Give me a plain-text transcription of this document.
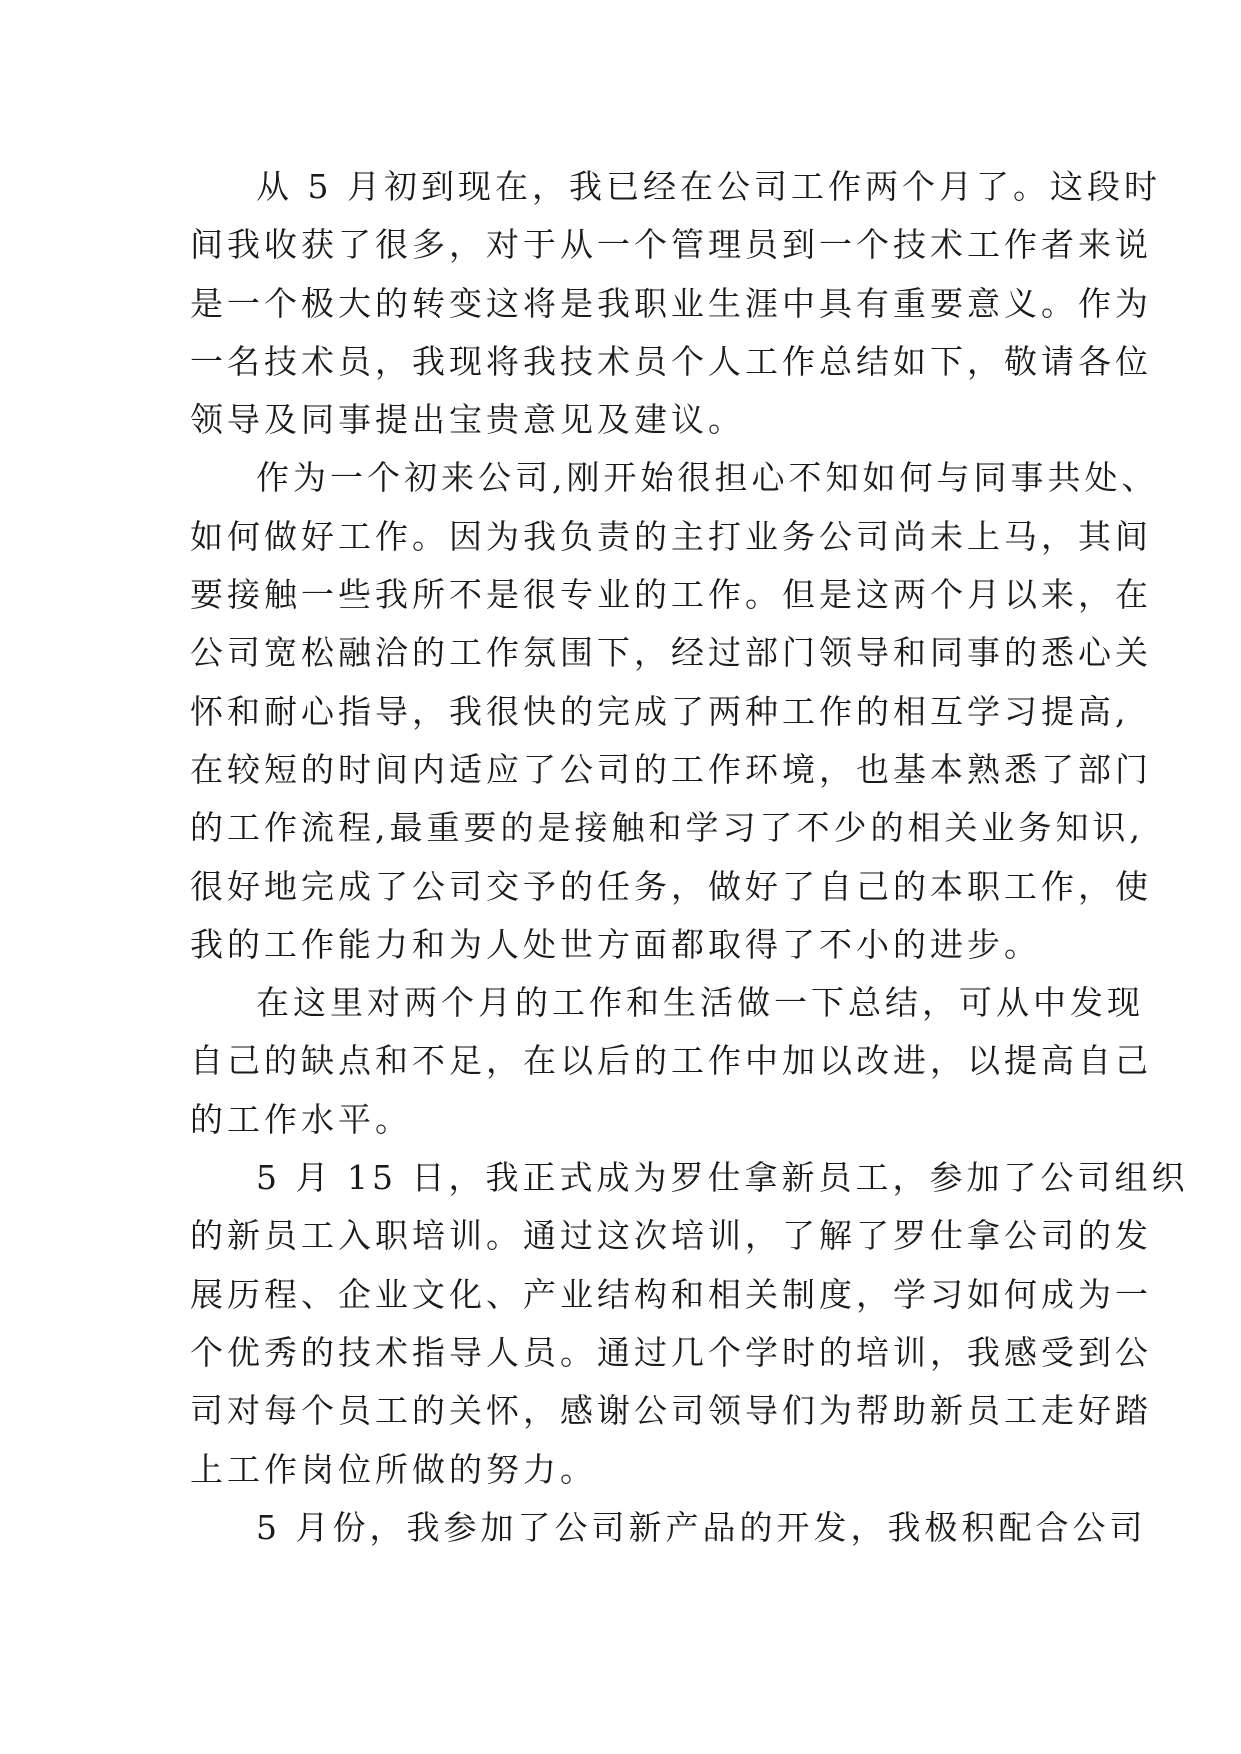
从 5 月初到现在，我已经在公司工作两个月了。这段时
间我收获了很多，对于从一个管理员到一个技术工作者来说
是一个极大的转变这将是我职业生涯中具有重要意义。作为
一名技术员，我现将我技术员个人工作总结如下，敬请各位
领导及同事提出宝贵意见及建议。
作为一个初来公司,刚开始很担心不知如何与同事共处、
如何做好工作。因为我负责的主打业务公司尚未上马，其间
要接触一些我所不是很专业的工作。但是这两个月以来，在
公司宽松融洽的工作氛围下，经过部门领导和同事的悉心关
怀和耐心指导，我很快的完成了两种工作的相互学习提高,
在较短的时间内适应了公司的工作环境，也基本熟悉了部门
的工作流程,最重要的是接触和学习了不少的相关业务知识,
很好地完成了公司交予的任务，做好了自己的本职工作，使
我的工作能力和为人处世方面都取得了不小的进步。
在这里对两个月的工作和生活做一下总结，可从中发现
自己的缺点和不足，在以后的工作中加以改进，以提高自己
的工作水平。
5 月 15 日，我正式成为罗仕拿新员工，参加了公司组织
的新员工入职培训。通过这次培训，了解了罗仕拿公司的发
展历程、企业文化、产业结构和相关制度，学习如何成为一
个优秀的技术指导人员。通过几个学时的培训，我感受到公
司对每个员工的关怀，感谢公司领导们为帮助新员工走好踏
上工作岗位所做的努力。
5 月份，我参加了公司新产品的开发，我极积配合公司
